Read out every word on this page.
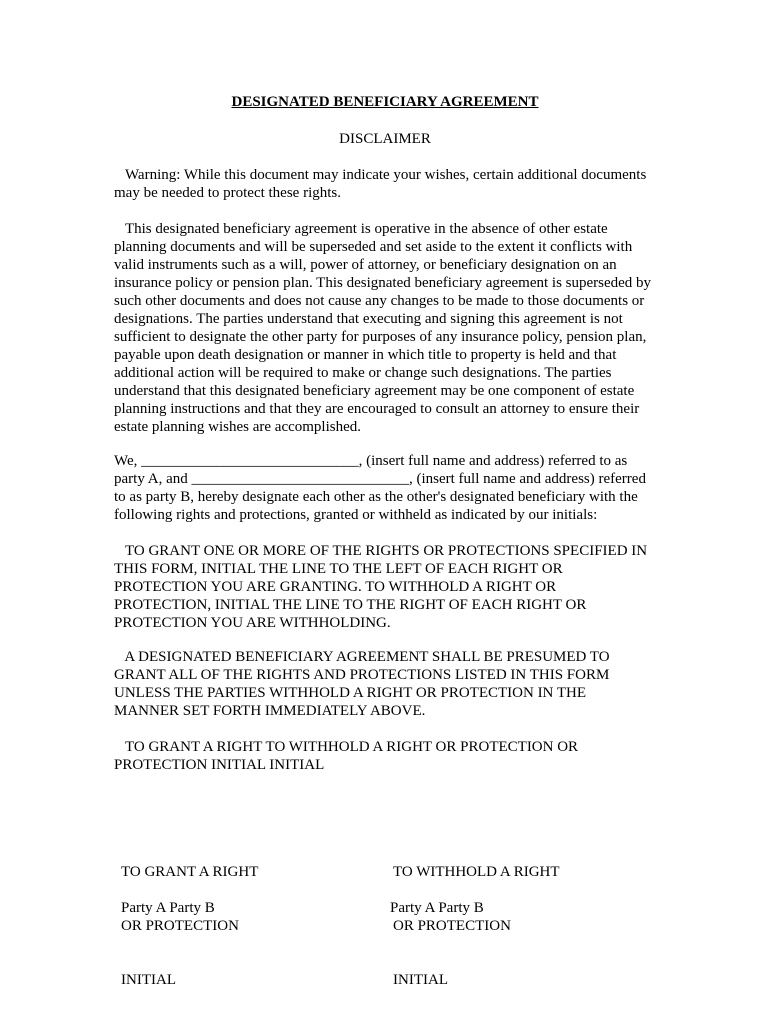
DESIGNATED BENEFICIARY AGREEMENT
DISCLAIMER
Warning: While this document may indicate your wishes, certain additional documents
may be needed to protect these rights.
This designated beneficiary agreement is operative in the absence of other estate
planning documents and will be superseded and set aside to the extent it conflicts with
valid instruments such as a will, power of attorney, or beneficiary designation on an
insurance policy or pension plan. This designated beneficiary agreement is superseded by
such other documents and does not cause any changes to be made to those documents or
designations. The parties understand that executing and signing this agreement is not
sufficient to designate the other party for purposes of any insurance policy, pension plan,
payable upon death designation or manner in which title to property is held and that
additional action will be required to make or change such designations. The parties
understand that this designated beneficiary agreement may be one component of estate
planning instructions and that they are encouraged to consult an attorney to ensure their
estate planning wishes are accomplished.
We, _____________________________, (insert full name and address) referred to as
party A, and _____________________________, (insert full name and address) referred
to as party B, hereby designate each other as the other's designated beneficiary with the
following rights and protections, granted or withheld as indicated by our initials:
TO GRANT ONE OR MORE OF THE RIGHTS OR PROTECTIONS SPECIFIED IN
THIS FORM, INITIAL THE LINE TO THE LEFT OF EACH RIGHT OR
PROTECTION YOU ARE GRANTING. TO WITHHOLD A RIGHT OR
PROTECTION, INITIAL THE LINE TO THE RIGHT OF EACH RIGHT OR
PROTECTION YOU ARE WITHHOLDING.
A DESIGNATED BENEFICIARY AGREEMENT SHALL BE PRESUMED TO
GRANT ALL OF THE RIGHTS AND PROTECTIONS LISTED IN THIS FORM
UNLESS THE PARTIES WITHHOLD A RIGHT OR PROTECTION IN THE
MANNER SET FORTH IMMEDIATELY ABOVE.
TO GRANT A RIGHT TO WITHHOLD A RIGHT OR PROTECTION OR
PROTECTION INITIAL INITIAL

TO GRANT A RIGHT

OR PROTECTION

INITIAL

TO WITHHOLD A RIGHT

OR PROTECTION

INITIAL

Party A Party B	Party A Party B
